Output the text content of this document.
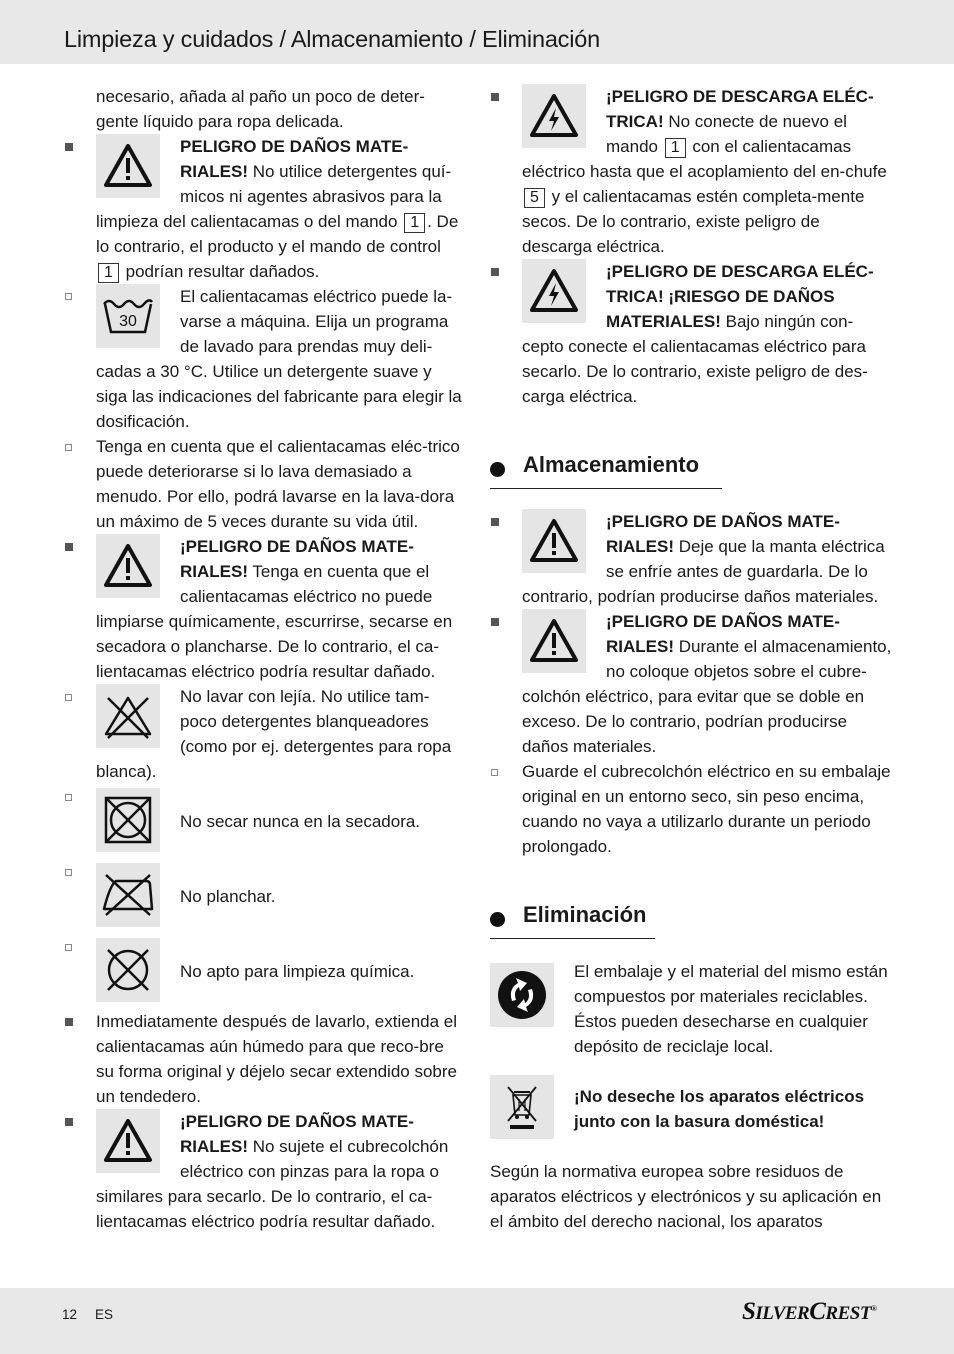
Limpieza y cuidados / Almacenamiento / Eliminación

necesario, añada al paño un poco de deter-gente líquido para ropa delicada.

PELIGRO DE DAÑOS MATE-RIALES! No utilice detergentes quí-micos ni agentes abrasivos para la limpieza del calientacamas o del mando 1 . De lo contrario, el producto y el mando de control 1 podrían resultar dañados.
30
El calientacamas eléctrico puede la-varse a máquina. Elija un programa de lavado para prendas muy deli-cadas a 30 °C. Utilice un detergente suave y siga las indicaciones del fabricante para elegir la dosificación.

Tenga en cuenta que el calientacamas eléc-trico puede deteriorarse si lo lava demasiado a menudo. Por ello, podrá lavarse en la lava-dora un máximo de 5 veces durante su vida útil.

¡PELIGRO DE DAÑOS MATE-RIALES! Tenga en cuenta que el calientacamas eléctrico no puede limpiarse químicamente, escurrirse, secarse en secadora o plancharse. De lo contrario, el ca-lientacamas eléctrico podría resultar dañado.
No lavar con lejía. No utilice tam-poco detergentes blanqueadores (como por ej. detergentes para ropa blanca).

No secar nunca en la secadora.

No planchar.

No apto para limpieza química.

Inmediatamente después de lavarlo, extienda el calientacamas aún húmedo para que reco-bre su forma original y déjelo secar extendido sobre un tendedero.

¡PELIGRO DE DAÑOS MATE-RIALES! No sujete el cubrecolchón eléctrico con pinzas para la ropa o similares para secarlo. De lo contrario, el ca-lientacamas eléctrico podría resultar dañado.
¡PELIGRO DE DESCARGA ELÉC-TRICA! No conecte de nuevo el mando 1 con el calientacamas eléctrico hasta que el acoplamiento del en-chufe 5 y el calientacamas estén completa-mente secos. De lo contrario, existe peligro de descarga eléctrica.
¡PELIGRO DE DESCARGA ELÉC-TRICA! ¡RIESGO DE DAÑOS MATERIALES! Bajo ningún con-cepto conecte el calientacamas eléctrico para secarlo. De lo contrario, existe peligro de des-carga eléctrica.
Almacenamiento
¡PELIGRO DE DAÑOS MATE-RIALES! Deje que la manta eléctrica se enfríe antes de guardarla. De lo contrario, podrían producirse daños materiales.
¡PELIGRO DE DAÑOS MATE-RIALES! Durante el almacenamiento, no coloque objetos sobre el cubre-colchón eléctrico, para evitar que se doble en exceso. De lo contrario, podrían producirse daños materiales.

Guarde el cubrecolchón eléctrico en su embalaje original en un entorno seco, sin peso encima, cuando no vaya a utilizarlo durante un periodo prolongado.

Eliminación

El embalaje y el material del mismo están compuestos por materiales reciclables. Éstos pueden desecharse en cualquier depósito de reciclaje local.

¡No deseche los aparatos eléctricos junto con la basura doméstica!

Según la normativa europea sobre residuos de aparatos eléctricos y electrónicos y su aplicación en el ámbito del derecho nacional, los aparatos

12 ES	SILVERCREST®
